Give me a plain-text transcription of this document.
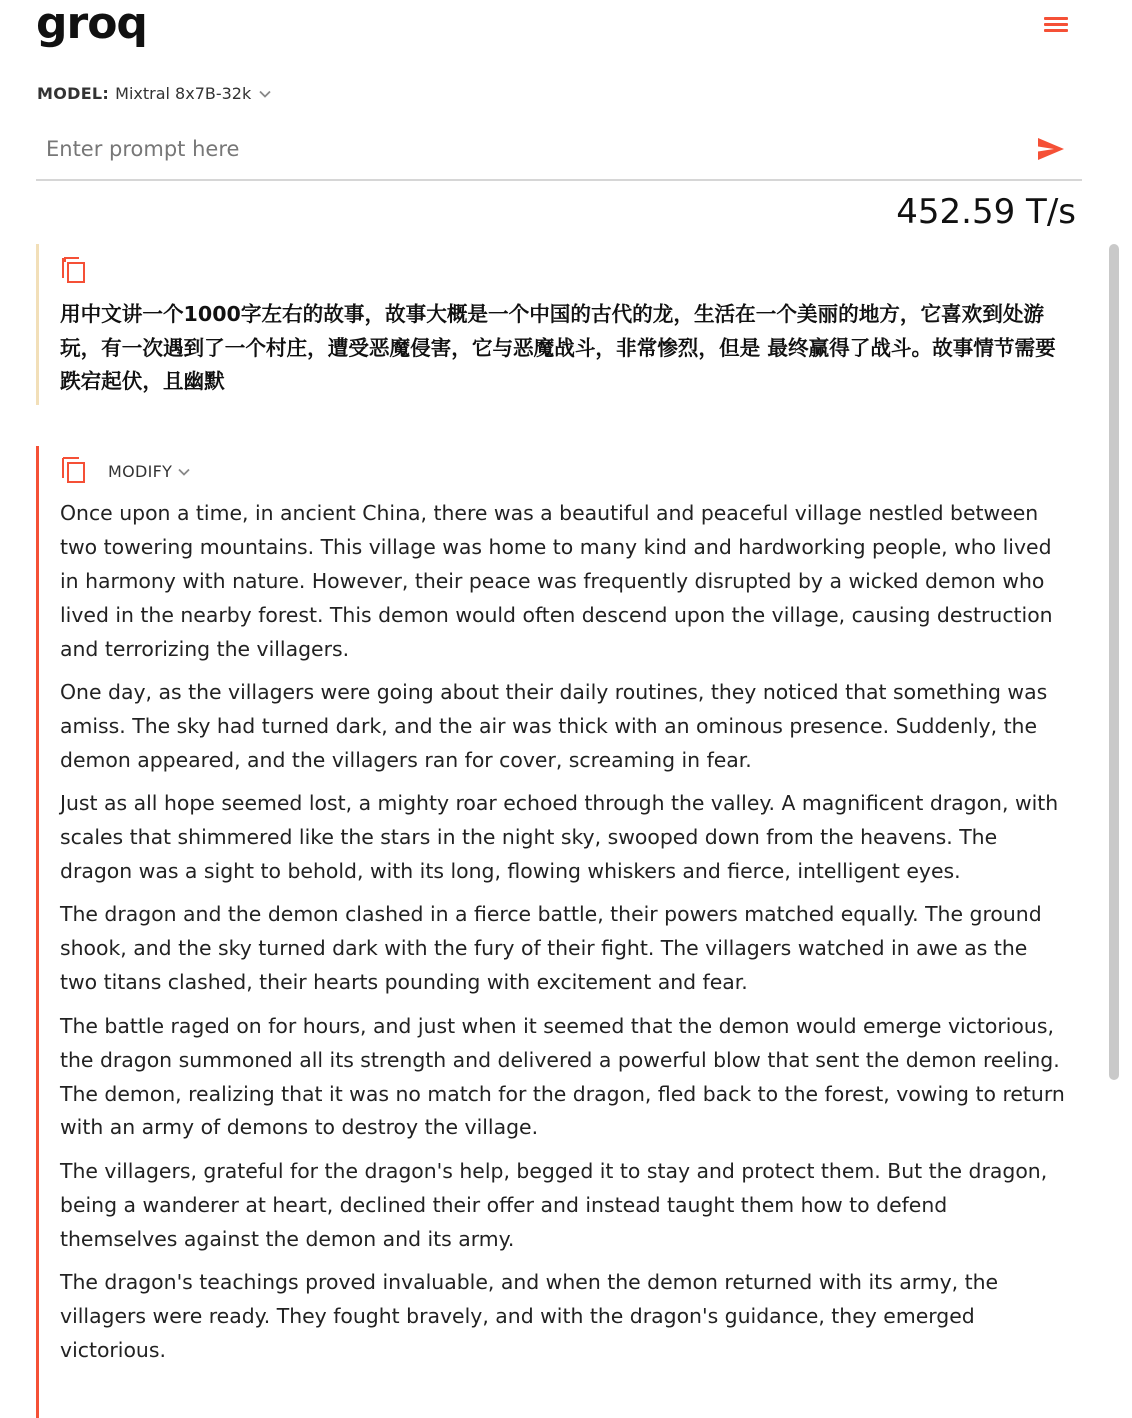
groq
MODEL: Mixtral 8x7B-32k
Enter prompt here
452.59 T/s
用中文讲一个1000字左右的故事，故事大概是一个中国的古代的龙，生活在一个美丽的地方，它喜欢到处游玩，有一次遇到了一个村庄，遭受恶魔侵害，它与恶魔战斗，非常惨烈，但是 最终赢得了战斗。故事情节需要跌宕起伏，且幽默
MODIFY

Once upon a time, in ancient China, there was a beautiful and peaceful village nestled between two towering mountains. This village was home to many kind and hardworking people, who lived in harmony with nature. However, their peace was frequently disrupted by a wicked demon who lived in the nearby forest. This demon would often descend upon the village, causing destruction and terrorizing the villagers.

One day, as the villagers were going about their daily routines, they noticed that something was amiss. The sky had turned dark, and the air was thick with an ominous presence. Suddenly, the demon appeared, and the villagers ran for cover, screaming in fear.

Just as all hope seemed lost, a mighty roar echoed through the valley. A magnificent dragon, with scales that shimmered like the stars in the night sky, swooped down from the heavens. The dragon was a sight to behold, with its long, flowing whiskers and fierce, intelligent eyes.

The dragon and the demon clashed in a fierce battle, their powers matched equally. The ground shook, and the sky turned dark with the fury of their fight. The villagers watched in awe as the two titans clashed, their hearts pounding with excitement and fear.

The battle raged on for hours, and just when it seemed that the demon would emerge victorious, the dragon summoned all its strength and delivered a powerful blow that sent the demon reeling. The demon, realizing that it was no match for the dragon, fled back to the forest, vowing to return with an army of demons to destroy the village.

The villagers, grateful for the dragon's help, begged it to stay and protect them. But the dragon, being a wanderer at heart, declined their offer and instead taught them how to defend themselves against the demon and its army.

The dragon's teachings proved invaluable, and when the demon returned with its army, the villagers were ready. They fought bravely, and with the dragon's guidance, they emerged victorious.
